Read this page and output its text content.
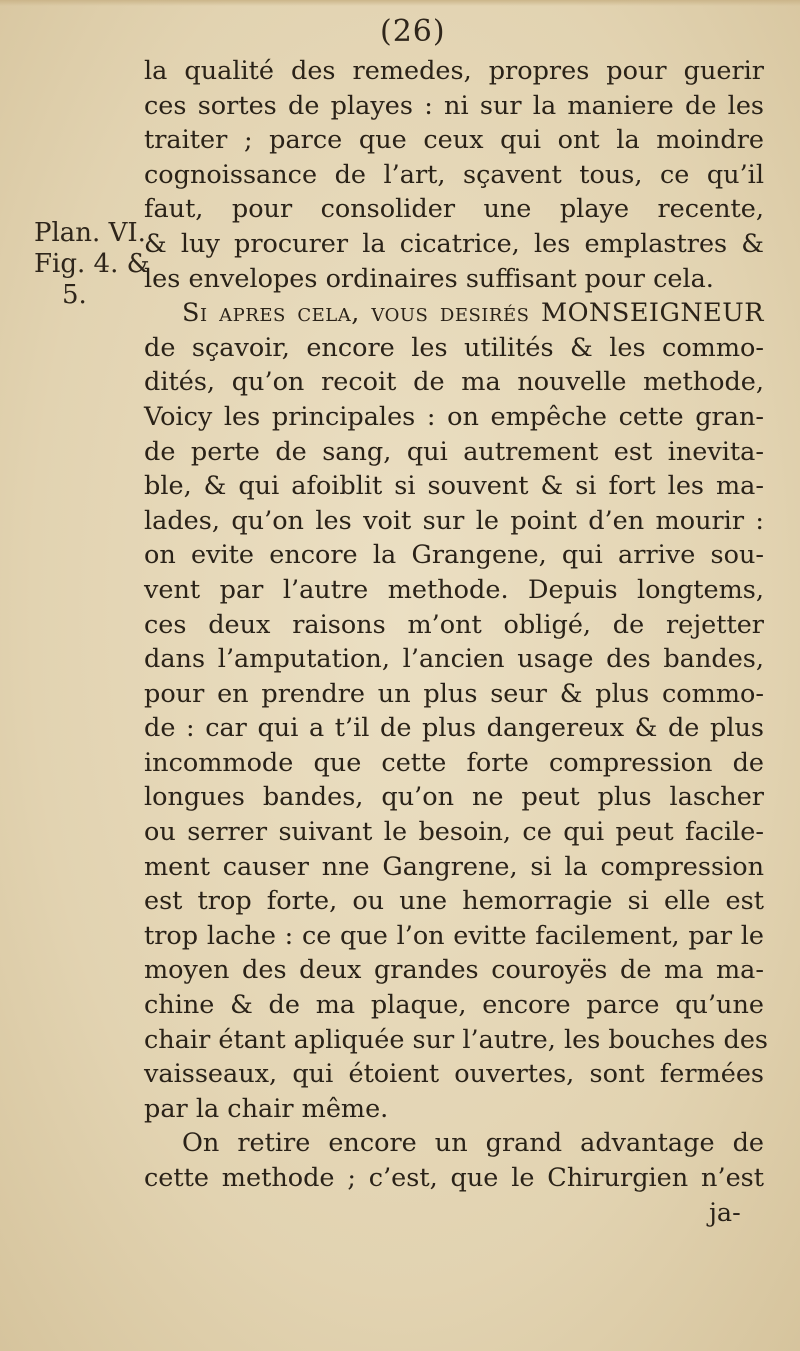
(26)
Plan. VI.
Fig. 4. &
5.
la qualité des remedes, propres pour guerir
ces sortes de playes : ni sur la maniere de les
traiter ; parce que ceux qui ont la moindre
cognoissance de l’art, sçavent tous, ce qu’il
faut, pour consolider une playe recente,
& luy procurer la cicatrice, les emplastres &
les envelopes ordinaires suffisant pour cela.
Si apres cela, vous desirés MONSEIGNEUR
de sçavoir, encore les utilités & les commo-
dités, qu’on recoit de ma nouvelle methode,
Voicy les principales : on empêche cette gran-
de perte de sang, qui autrement est inevita-
ble, & qui afoiblit si souvent & si fort les ma-
lades, qu’on les voit sur le point d’en mourir :
on evite encore la Grangene, qui arrive sou-
vent par l’autre methode. Depuis longtems,
ces deux raisons m’ont obligé, de rejetter
dans l’amputation, l’ancien usage des bandes,
pour en prendre un plus seur & plus commo-
de : car qui a t’il de plus dangereux & de plus
incommode que cette forte compression de
longues bandes, qu’on ne peut plus lascher
ou serrer suivant le besoin, ce qui peut facile-
ment causer nne Gangrene, si la compression
est trop forte, ou une hemorragie si elle est
trop lache : ce que l’on evitte facilement, par le
moyen des deux grandes couroyës de ma ma-
chine & de ma plaque, encore parce qu’une
chair étant apliquée sur l’autre, les bouches des
vaisseaux, qui étoient ouvertes, sont fermées
par la chair même.
On retire encore un grand advantage de
cette methode ; c’est, que le Chirurgien n’est
ja-
